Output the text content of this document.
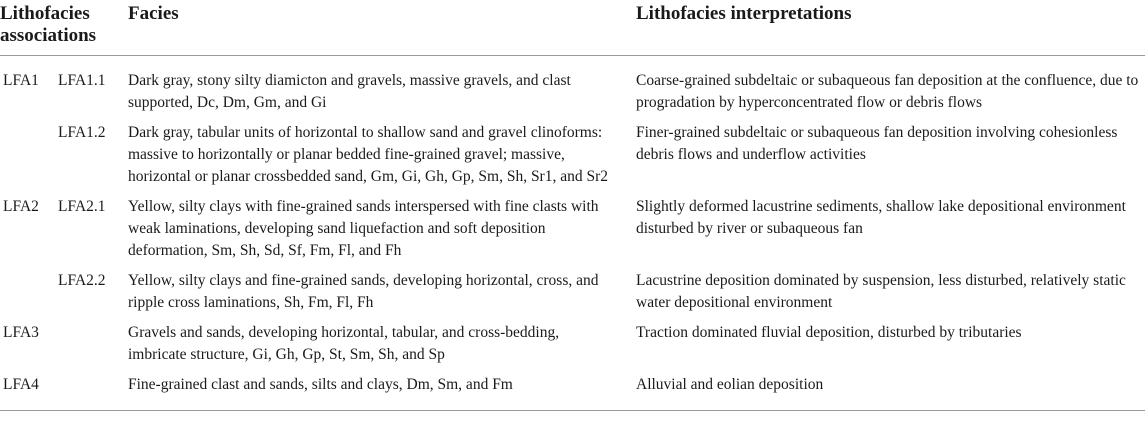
Lithofacies associations		Facies	Lithofacies interpretations
LFA1	LFA1.1	Dark gray, stony silty diamicton and gravels, massive gravels, and clast supported, Dc, Dm, Gm, and Gi	Coarse-grained subdeltaic or subaqueous fan deposition at the confluence, due to progradation by hyperconcentrated flow or debris flows
	LFA1.2	Dark gray, tabular units of horizontal to shallow sand and gravel clinoforms: massive to horizontally or planar bedded fine-grained gravel; massive, horizontal or planar crossbedded sand, Gm, Gi, Gh, Gp, Sm, Sh, Sr1, and Sr2	Finer-grained subdeltaic or subaqueous fan deposition involving cohesionless debris flows and underflow activities
LFA2	LFA2.1	Yellow, silty clays with fine-grained sands interspersed with fine clasts with weak laminations, developing sand liquefaction and soft deposition deformation, Sm, Sh, Sd, Sf, Fm, Fl, and Fh	Slightly deformed lacustrine sediments, shallow lake depositional environment disturbed by river or subaqueous fan
	LFA2.2	Yellow, silty clays and fine-grained sands, developing horizontal, cross, and ripple cross laminations, Sh, Fm, Fl, Fh	Lacustrine deposition dominated by suspension, less disturbed, relatively static water depositional environment
LFA3		Gravels and sands, developing horizontal, tabular, and cross-bedding, imbricate structure, Gi, Gh, Gp, St, Sm, Sh, and Sp	Traction dominated fluvial deposition, disturbed by tributaries
LFA4		Fine-grained clast and sands, silts and clays, Dm, Sm, and Fm	Alluvial and eolian deposition
